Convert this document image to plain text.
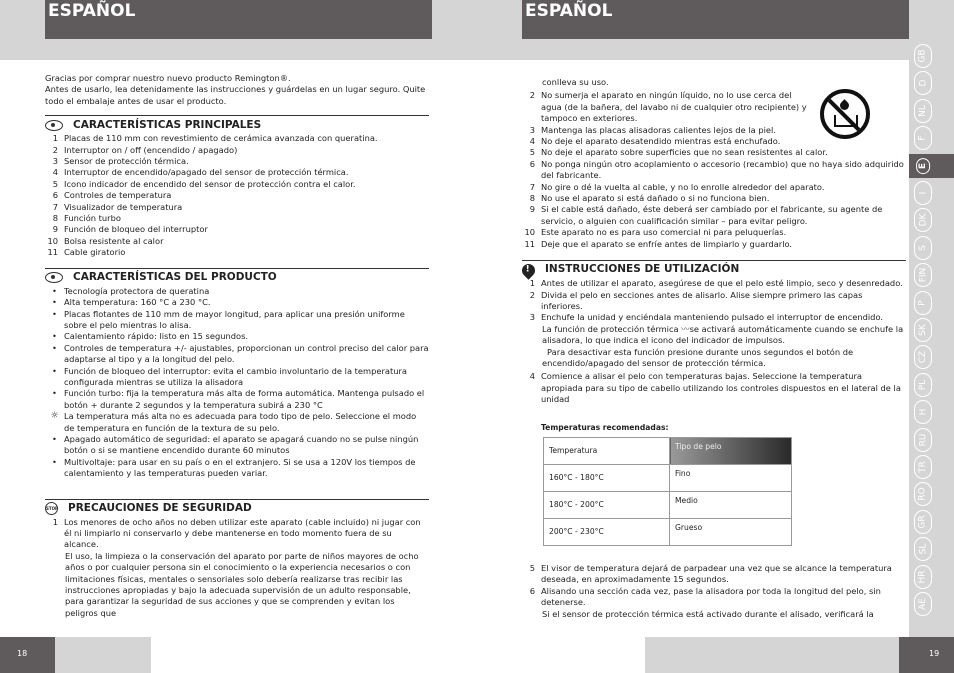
ESPAÑOL	ESPAÑOL
18	19

Gracias por comprar nuestro nuevo producto Remington®.

Antes de usarlo, lea detenidamente las instrucciones y guárdelas en un lugar seguro. Quite todo el embalaje antes de usar el producto.

CARACTERÍSTICAS PRINCIPALES
1 Placas de 110 mm con revestimiento de cerámica avanzada con queratina.
2 Interruptor on / off (encendido / apagado)
3 Sensor de protección térmica.
4 Interruptor de encendido/apagado del sensor de protección térmica.
5 Icono indicador de encendido del sensor de protección contra el calor.
6 Controles de temperatura
7 Visualizador de temperatura
8 Función turbo
9 Función de bloqueo del interruptor
10 Bolsa resistente al calor
11 Cable giratorio
CARACTERÍSTICAS DEL PRODUCTO
• Tecnología protectora de queratina
• Alta temperatura: 160 °C a 230 °C.
• Placas flotantes de 110 mm de mayor longitud, para aplicar una presión uniforme sobre el pelo mientras lo alisa.
• Calentamiento rápido: listo en 15 segundos.
• Controles de temperatura +/- ajustables, proporcionan un control preciso del calor para adaptarse al tipo y a la longitud del pelo.
• Función de bloqueo del interruptor: evita el cambio involuntario de la temperatura configurada mientras se utiliza la alisadora
• Función turbo: fija la temperatura más alta de forma automática. Mantenga pulsado el botón + durante 2 segundos y la temperatura subirá a 230 °C
☼ La temperatura más alta no es adecuada para todo tipo de pelo. Seleccione el modo de temperatura en función de la textura de su pelo.
• Apagado automático de seguridad: el aparato se apagará cuando no se pulse ningún botón o si se mantiene encendido durante 60 minutos
• Multivoltaje: para usar en su país o en el extranjero. Si se usa a 120V los tiempos de calentamiento y las temperaturas pueden variar.
STOP PRECAUCIONES DE SEGURIDAD
1 Los menores de ocho años no deben utilizar este aparato (cable incluido) ni jugar con él ni limpiarlo ni conservarlo y debe mantenerse en todo momento fuera de su alcance.

El uso, la limpieza o la conservación del aparato por parte de niños mayores de ocho años o por cualquier persona sin el conocimiento o la experiencia necesarios o con limitaciones físicas, mentales o sensoriales solo debería realizarse tras recibir las instrucciones apropiadas y bajo la adecuada supervisión de un adulto responsable, para garantizar la seguridad de sus acciones y que se comprenden y evitan los peligros que

conlleva su uso.

2 No sumerja el aparato en ningún líquido, no lo use cerca del agua (de la bañera, del lavabo ni de cualquier otro recipiente) y

tampoco en exteriores.

3 Mantenga las placas alisadoras calientes lejos de la piel.
4 No deje el aparato desatendido mientras está enchufado.
5 No deje el aparato sobre superficies que no sean resistentes al calor.
6 No ponga ningún otro acoplamiento o accesorio (recambio) que no haya sido adquirido del fabricante.
7 No gire o dé la vuelta al cable, y no lo enrolle alrededor del aparato.
8 No use el aparato si está dañado o si no funciona bien.
9 Si el cable está dañado, éste deberá ser cambiado por el fabricante, su agente de servicio, o alguien con cualificación similar – para evitar peligro.
10 Este aparato no es para uso comercial ni para peluquerías.
11 Deje que el aparato se enfríe antes de limpiarlo y guardarlo.
!
INSTRUCCIONES DE UTILIZACIÓN
1 Antes de utilizar el aparato, asegúrese de que el pelo esté limpio, seco y desenredado.
2 Divida el pelo en secciones antes de alisarlo. Alise siempre primero las capas inferiores.
3 Enchufe la unidad y enciéndala manteniendo pulsado el interruptor de encendido.

La función de protección térmica 〰se activará automáticamente cuando se enchufe la alisadora, lo que indica el icono del indicador de impulsos.

Para desactivar esta función presione durante unos segundos el botón de encendido/apagado del sensor de protección térmica.

4 Comience a alisar el pelo con temperaturas bajas. Seleccione la temperatura apropiada para su tipo de cabello utilizando los controles dispuestos en el lateral de la unidad
Temperaturas recomendadas:
Temperatura	Tipo de pelo
160°C - 180°C	Fino
180°C - 200°C	Medio
200°C - 230°C	Grueso
5 El visor de temperatura dejará de parpadear una vez que se alcance la temperatura deseada, en aproximadamente 15 segundos.
6 Alisando una sección cada vez, pase la alisadora por toda la longitud del pelo, sin detenerse.

Si el sensor de protección térmica está activado durante el alisado, verificará la

GB
D
NL
F
E
I
DK
S
FIN
P
SK
CZ
PL
H
RU
TR
RO
GR
SL
HR
AE
